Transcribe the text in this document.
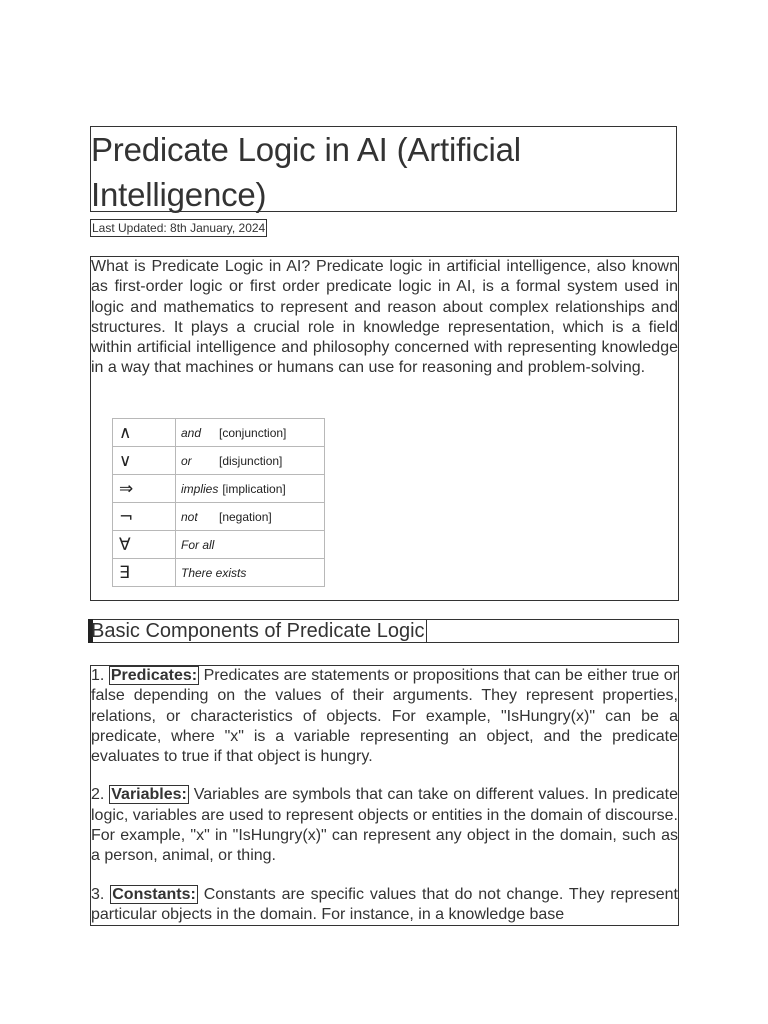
Predicate Logic in AI (Artificial Intelligence)
Last Updated: 8th January, 2024

What is Predicate Logic in AI? Predicate logic in artificial intelligence, also known as first-order logic or first order predicate logic in AI, is a formal system used in logic and mathematics to represent and reason about complex relationships and structures. It plays a crucial role in knowledge representation, which is a field within artificial intelligence and philosophy concerned with representing knowledge in a way that machines or humans can use for reasoning and problem-solving.

∧	and [conjunction]
∨	or [disjunction]
⇒	implies [implication]
¬	not [negation]
∀	For all
∃	There exists
Basic Components of Predicate Logic

1. Predicates: Predicates are statements or propositions that can be either true or false depending on the values of their arguments. They represent properties, relations, or characteristics of objects. For example, "IsHungry(x)" can be a predicate, where "x" is a variable representing an object, and the predicate evaluates to true if that object is hungry.

2. Variables: Variables are symbols that can take on different values. In predicate logic, variables are used to represent objects or entities in the domain of discourse. For example, "x" in "IsHungry(x)" can represent any object in the domain, such as a person, animal, or thing.

3. Constants: Constants are specific values that do not change. They represent particular objects in the domain. For instance, in a knowledge base
